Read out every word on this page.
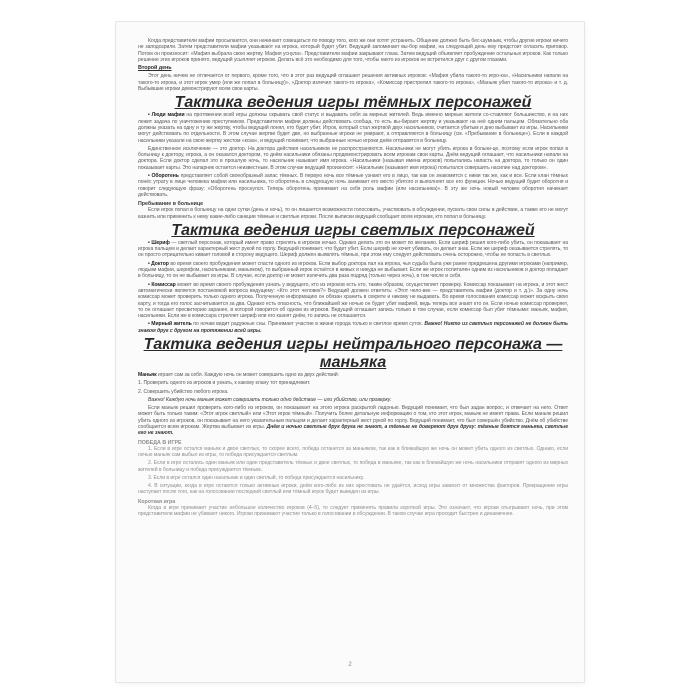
Когда представители мафии просыпаются, они начинают совещаться по поводу того, кого же они хотят устранить. Общение должно быть бес-шумным, чтобы другие игроки ничего не заподозрили. Затем представители мафии указывают на игрока, который будет убит. Ведущий запоминает вы-бор мафии, на следующий день ему предстоит огласить приговор. Потом он произносит: «Мафия выбрала свою жертву. Мафия уснула». Представители мафии закрывают глаза. Затем ведущий объявляет пробуждение остальных игроков. Как только решение этих игроков принято, ведущий усыпляет игроков. Делать всё это необходимо для того, чтобы никто из игроков не встретился друг с другом глазами.

Второй день

Этот день ничем не отличается от первого, кроме того, что в этот раз ведущий оглашает решения активных игроков: «Мафия убила такого-то игро-ка», «Насильники напали на такого-то игрока, и этот игрок умер (или же попал в больницу)», «Доктор излечил такого-то игрока», «Комиссар пристрелил такого-то игрока», «Маньяк убил такого-то игрока» и т. д. Выбывшие игроки демонстрируют всем свои карты.

Тактика ведения игры тёмных персонажей

• Люди мафии на протяжении всей игры должны скрывать свой статус и выдавать себя за мирных жителей. Ведь именно мирные жители со-ставляют большинство, и на них лежит задача по уничтожению преступников. Представители мафии должны действовать сообща, то есть вы-бирают жертву и указывают на неё одним пальцем. Обязательно оба должны указать на одну и ту же жертву, чтобы ведущий понял, кто будет убит. Игрок, который стал жертвой двух насильников, считается убитым и дню выбывает из игры. Насильники могут действовать по отдельности. В этом случае жертве будет две, но выбранные игроки не умирают, а отправляются в больницу (см. «Пребывание в больнице»). Если в каждой насильники указали на свою жертву жестом «коза», и ведущий понимает, что выбранные ночью игроки днём отправятся в больницу.

Единственное исключение — это доктор. На доктора действия насильников не распространяются. Насильники не могут убить игрока в больни-це, поэтому если игрок попал в больницу к доктору, игрока, а он оказался доктором, то днём насильники обязаны продемонстрировать всем игрокам свои карты. Днём ведущий оглашает, что насильники напали на доктора. Если доктор сделал это в прошлую ночь, то насильник называет имя игрока. «Насильники (называя имена игроков) попытались напасть на доктора, то только он один показывает карты. Это напарник остается неизвестным. В этом случае ведущий произносит: «Насильник (называет имя игрока) попытался совершить насилие над доктором».

• Оборотень представляет собой своеобразный запас тёмных. В первую ночь все тёмные узнают его в лицо, так как он знакомится с ними так же, как и все. Если клан тёмных понёс утрату в лице человека мафии или насильника, то оборотень в следующую ночь занимает его место убитого и выполняет все его функции. Ночью ведущий будит оборотня и говорит следующую фразу: «Оборотень проснулся. Теперь оборотень принимает на себя роль мафии (или насильника)». В эту же ночь новый человек оборотня начинает действовать.

Пребывание в больнице

Если игрок попал в больницу на одни сутки (день и ночь), то он лишается возможности голосовать, участвовать в обсуждении, пускать свои силы в действие, а также его не могут казнить или применить к нему какие-либо санкции тёмные и светлые игроки. После выписки ведущий сообщает всем игрокам, кто попал в больницу.

Тактика ведения игры светлых персонажей

• Шериф — светлый персонаж, который имеет право стрелять в игроков ночью. Однако делать это он может по желанию. Если шериф решил кого-либо убить, он показывает на игрока пальцем и делает характерный жест рукой по горлу. Ведущий понимает, что будет убит. Если шериф не хочет убивать, он делает знак. Если же шериф оказывается стрелять, то он просто отрицательно кивает головой в сторону ведущего. Шериф должен выявлять тёмных, при этом ему следует действовать очень осторожно, чтобы не попасть в светлых.

• Доктор во время своего пробуждения может спасти одного из игроков. Если выбор доктора пал на игрока, чья судьба была уже ранее предрешена другими игроками (например, людьми мафии, шерифом, насильниками, маньяком), то выбранный игрок остаётся в живых и никуда не выбывает. Если же игрок госпитален одним из насильников и доктор попадает в больницу, то он не выбывает из игры. В случае, если доктор не может излечить два раза подряд (только через ночь), в том числе и себя.

• Комиссар может во время своего пробуждения узнать у ведущего, кто из игроков есть кто, таким образом, осуществляет проверку. Комиссар показывает на игрока, и этот жест автоматически является постановкой вопроса ведущему: «Кто этот человек?» Ведущий должен ответить: «Этот чело-век — представитель мафии (доктор и т. д.)». За одну ночь комиссар может проверить только одного игрока. Полученную информацию он обязан хранить в секрете и никому не выдавать. Во время голосования комиссар может вскрыть свою карту, и тогда его голос засчитывается за два. Однако есть опасность, что ближайшей же ночью он будет убит мафией, ведь теперь все знают кто он. Если ночью комиссар проверяет, то он оглашает пресвитерию заранее, в которой говорится об одном из игроков. Ведущий оглашает запись только в том случае, если комиссар был убит тёмными: маньяк, мафия, насильники. Если же в комиссара стреляет шериф или его казнят днём, то запись не оглашается.

• Мирный житель по ночам видит радужные сны. Принимает участие в жизни города только в светлое время суток. Важно! Никто из светлых персонажей не должен быть знаком друг с другом на протяжении всей игры.

Тактика ведения игры нейтрального персонажа — маньяка

Маньяк играет сам за себя. Каждую ночь он может совершить одно из двух действий:

1. Проверить одного из игроков и узнать, к какому клану тот принадлежит.

2. Совершить убийство любого игрока.

Важно! Каждую ночь маньяк может совершать только одно действие — или убийство, или проверку.

Если маньяк решил проверить кого-либо из игроков, он показывает на этого игрока раскрытой ладонью. Ведущий понимает, что был задан вопрос, и отвечает на него. Ответ может быть только таким: «Этот игрок светлый» или «Этот игрок тёмный». Получить более детальную информацию о том, кто этот игрок, маньяк не имеет права. Если маньяк решил убить одного из игроков, он показывает на него указательным пальцем и делает характерный жест рукой по горлу. Ведущий понимает, что был совершён убийство. Днём об убийстве сообщается всем игрокам. Жертва выбывает из игры. Днём и ночью светлые друг друга не знают, а тёмные не доверяют друг другу: тёмные боятся маньяка, светлые его не знают.

ПОБЕДА В ИГРЕ

1. Если в игре остался маньяк и двое светлых, то скорее всего, победа останется за маньяком, так как в ближайшую же ночь он может убить одного из светлых. Однако, если ночью маньяк сам выбыл из игры, то победа присуждается светлым.

2. Если в игре остались один маньяк или один представитель тёмных и двое светлых, то победа в маньяке, так как в ближайшую же ночь насильники отправят одного из мирных жителей в больницу и победа присуждается тёмным.

3. Если в игре остался один насильник и один светлый, то победа присуждается насильнику.

4. В ситуации, когда в игре остаются только активные игроки, днём кого-либо из них арестовать не удаётся, исход игры зависит от множества факторов. Прекращение игры наступает после того, как на голосовании последний светлый или тёмный игрок будет выведен из игры.

Короткая игра

Когда в игре принимает участие небольшое количество игроков (4–5), то следует применять правила короткой игры. Это означает, что игроки отыгрывают ночь, при этом представители мафии не убивают никого. Игроки принимают участие только в голосовании и обсуждении. В таком случае игра проходит быстрее и динамичнее.

2
